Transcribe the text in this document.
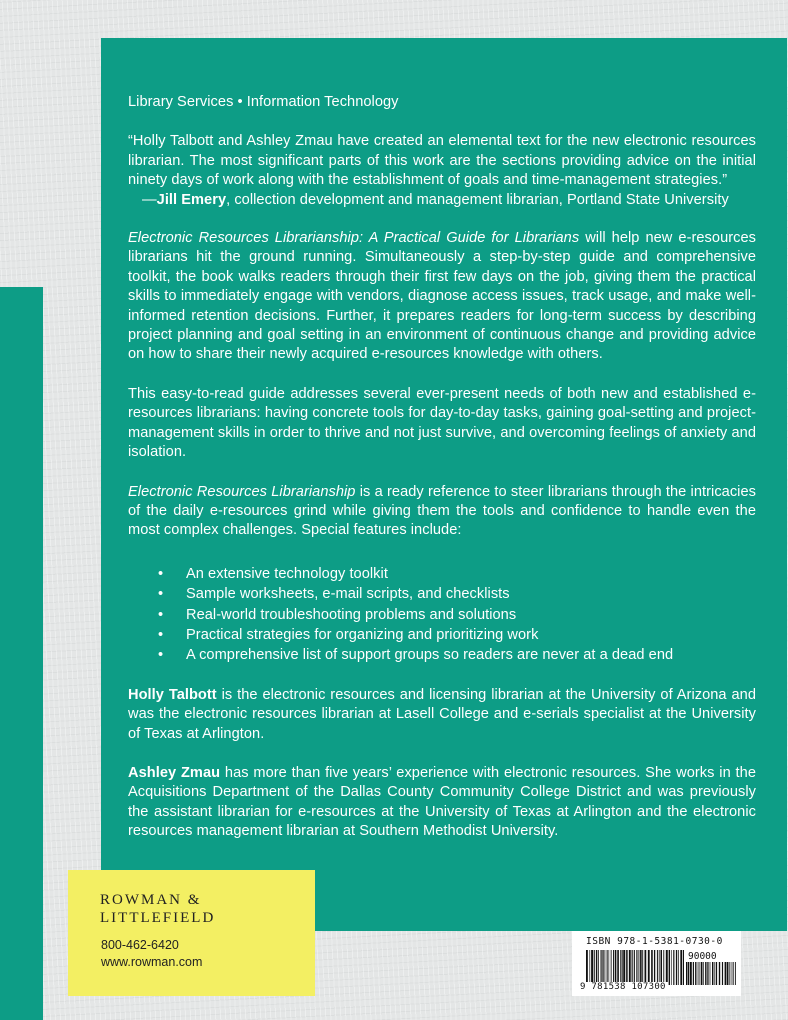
Library Services • Information Technology

“Holly Talbott and Ashley Zmau have created an elemental text for the new electronic resources librarian. The most significant parts of this work are the sections providing advice on the initial ninety days of work along with the establishment of goals and time-management strategies.”

—Jill Emery, collection development and management librarian, Portland State University

Electronic Resources Librarianship: A Practical Guide for Librarians will help new e-resources librarians hit the ground running. Simultaneously a step-by-step guide and comprehensive toolkit, the book walks readers through their first few days on the job, giving them the practical skills to immediately engage with vendors, diagnose access issues, track usage, and make well-informed retention decisions. Further, it prepares readers for long-term success by describing project planning and goal setting in an environment of continuous change and providing advice on how to share their newly acquired e-resources knowledge with others.

This easy-to-read guide addresses several ever-present needs of both new and established e-resources librarians: having concrete tools for day-to-day tasks, gaining goal-setting and project-management skills in order to thrive and not just survive, and overcoming feelings of anxiety and isolation.

Electronic Resources Librarianship is a ready reference to steer librarians through the intricacies of the daily e-resources grind while giving them the tools and confidence to handle even the most complex challenges. Special features include:

• An extensive technology toolkit
• Sample worksheets, e-mail scripts, and checklists
• Real-world troubleshooting problems and solutions
• Practical strategies for organizing and prioritizing work
• A comprehensive list of support groups so readers are never at a dead end

Holly Talbott is the electronic resources and licensing librarian at the University of Arizona and was the electronic resources librarian at Lasell College and e-serials specialist at the University of Texas at Arlington.

Ashley Zmau has more than five years’ experience with electronic resources. She works in the Acquisitions Department of the Dallas County Community College District and was previously the assistant librarian for e-resources at the University of Texas at Arlington and the electronic resources management librarian at Southern Methodist University.

ROWMAN &
LITTLEFIELD
800-462-6420
www.rowman.com
ISBN 978-1-5381-0730-0
90000
9 781538 107300
